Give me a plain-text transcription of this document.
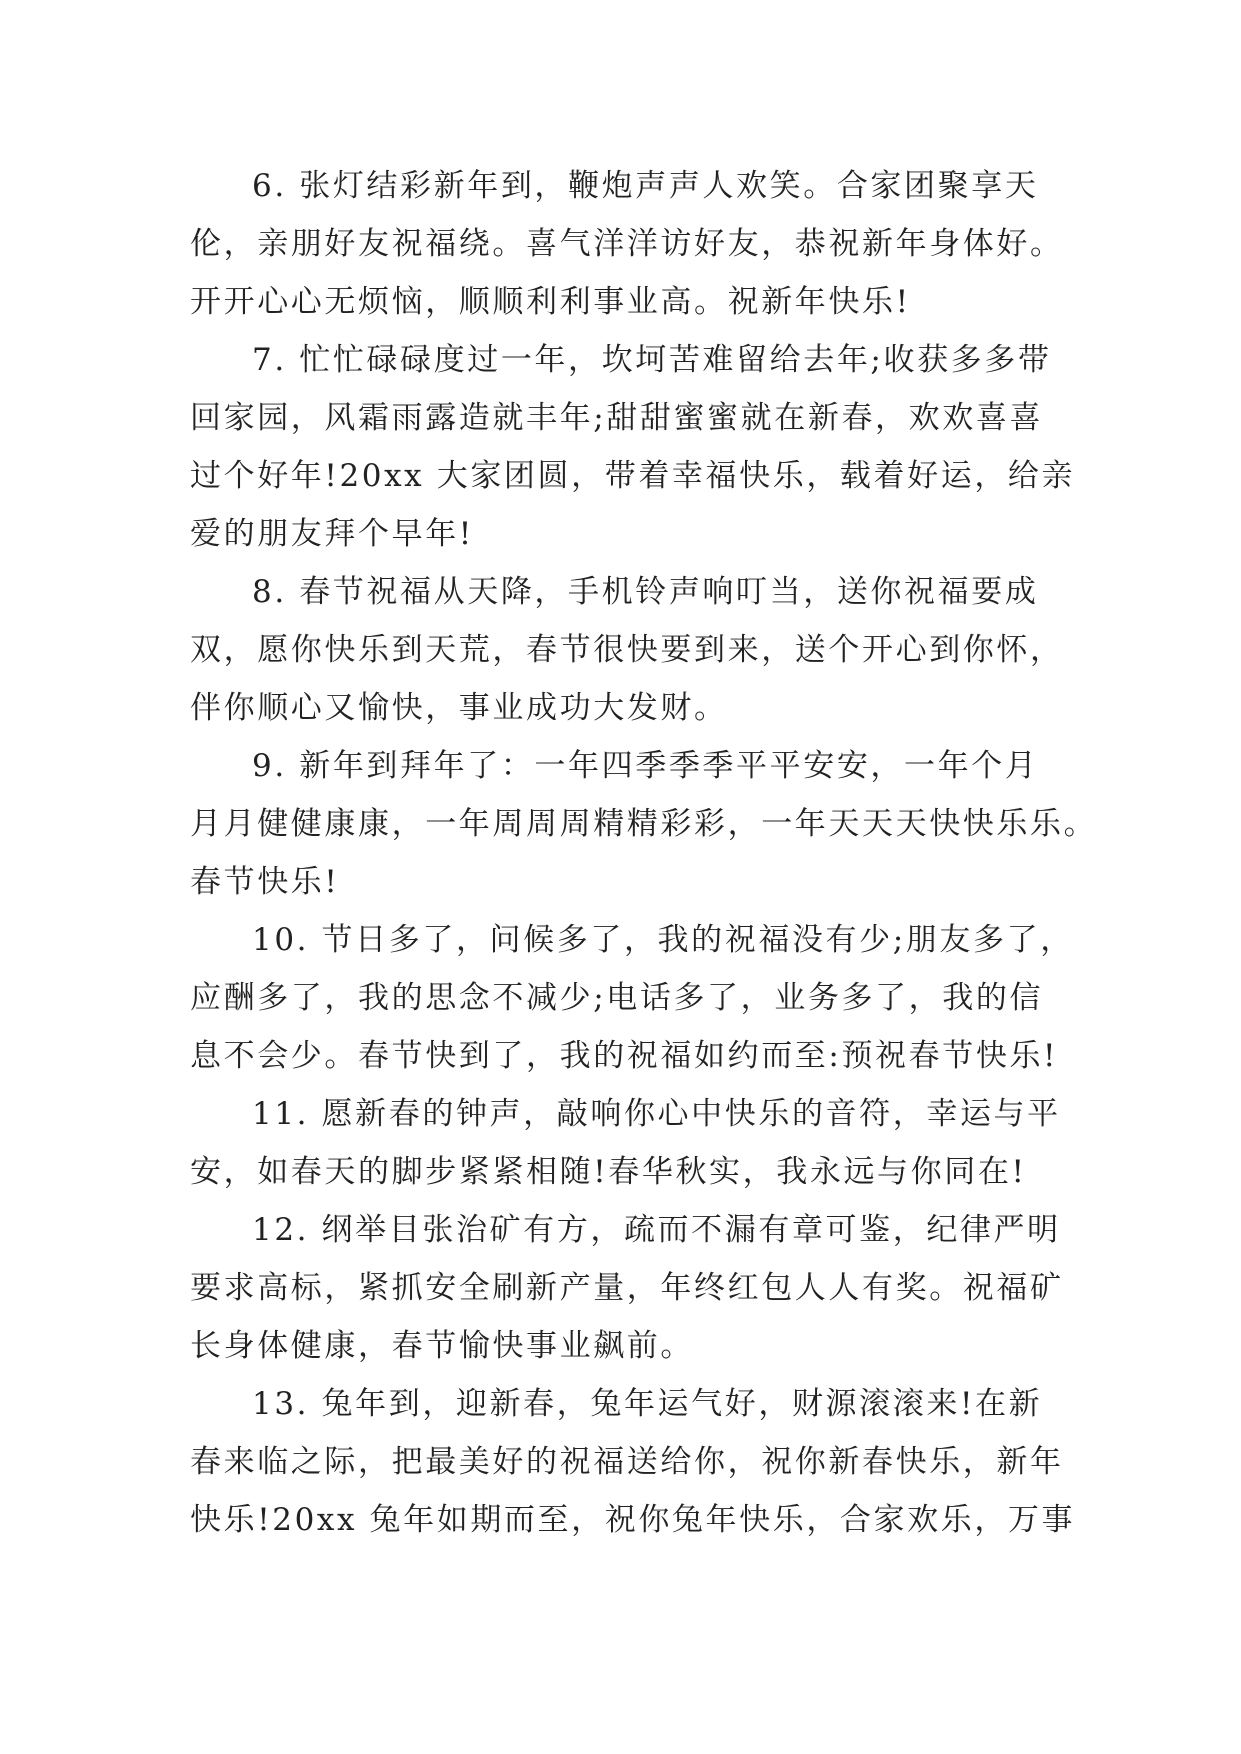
6. 张灯结彩新年到，鞭炮声声人欢笑。合家团聚享天
伦，亲朋好友祝福绕。喜气洋洋访好友，恭祝新年身体好。
开开心心无烦恼，顺顺利利事业高。祝新年快乐!
7. 忙忙碌碌度过一年，坎坷苦难留给去年;收获多多带
回家园，风霜雨露造就丰年;甜甜蜜蜜就在新春，欢欢喜喜
过个好年!20xx 大家团圆，带着幸福快乐，载着好运，给亲
爱的朋友拜个早年!
8. 春节祝福从天降，手机铃声响叮当，送你祝福要成
双，愿你快乐到天荒，春节很快要到来，送个开心到你怀，
伴你顺心又愉快，事业成功大发财。
9. 新年到拜年了：一年四季季季平平安安，一年个月
月月健健康康，一年周周周精精彩彩，一年天天天快快乐乐。
春节快乐!
10. 节日多了，问候多了，我的祝福没有少;朋友多了，
应酬多了，我的思念不减少;电话多了，业务多了，我的信
息不会少。春节快到了，我的祝福如约而至:预祝春节快乐!
11. 愿新春的钟声，敲响你心中快乐的音符，幸运与平
安，如春天的脚步紧紧相随!春华秋实，我永远与你同在!
12. 纲举目张治矿有方，疏而不漏有章可鉴，纪律严明
要求高标，紧抓安全刷新产量，年终红包人人有奖。祝福矿
长身体健康，春节愉快事业飙前。
13. 兔年到，迎新春，兔年运气好，财源滚滚来!在新
春来临之际，把最美好的祝福送给你，祝你新春快乐，新年
快乐!20xx 兔年如期而至，祝你兔年快乐，合家欢乐，万事
